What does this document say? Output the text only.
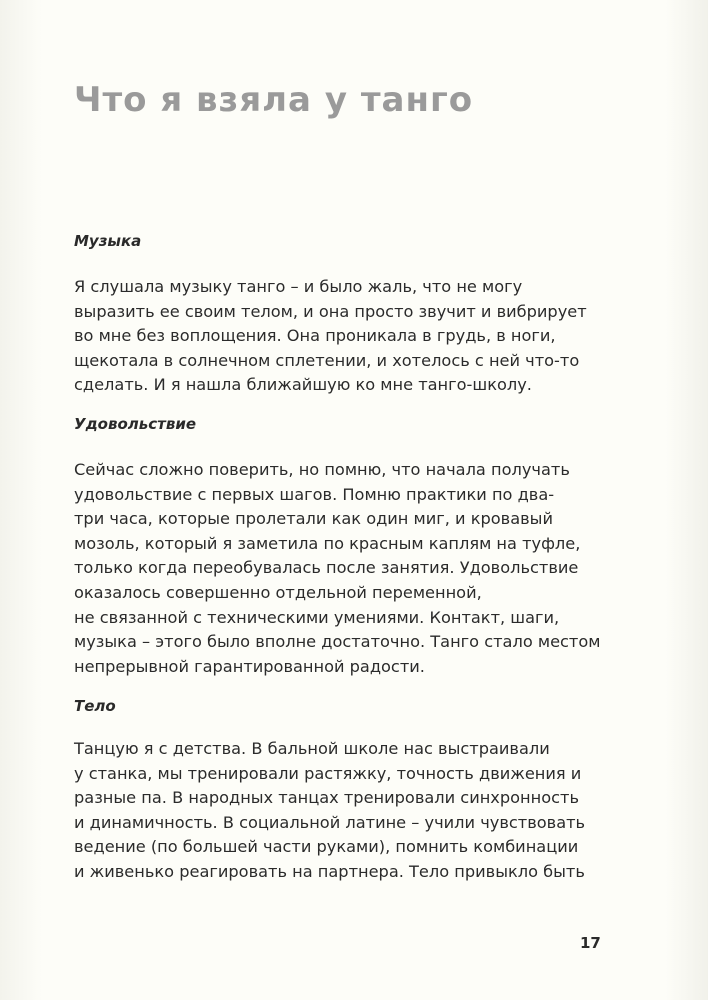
Что я взяла у танго
Музыка
Я слушала музыку танго – и было жаль, что не могу
выразить ее своим телом, и она просто звучит и вибрирует
во мне без воплощения. Она проникала в грудь, в ноги,
щекотала в солнечном сплетении, и хотелось с ней что-то
сделать. И я нашла ближайшую ко мне танго-школу.
Удовольствие
Сейчас сложно поверить, но помню, что начала получать
удовольствие с первых шагов. Помню практики по два-
три часа, которые пролетали как один миг, и кровавый
мозоль, который я заметила по красным каплям на туфле,
только когда переобувалась после занятия. Удовольствие
оказалось совершенно отдельной переменной,
не связанной с техническими умениями. Контакт, шаги,
музыка – этого было вполне достаточно. Танго стало местом
непрерывной гарантированной радости.
Тело
Танцую я с детства. В бальной школе нас выстраивали
у станка, мы тренировали растяжку, точность движения и
разные па. В народных танцах тренировали синхронность
и динамичность. В социальной латине – учили чувствовать
ведение (по большей части руками), помнить комбинации
и живенько реагировать на партнера. Тело привыкло быть
17
